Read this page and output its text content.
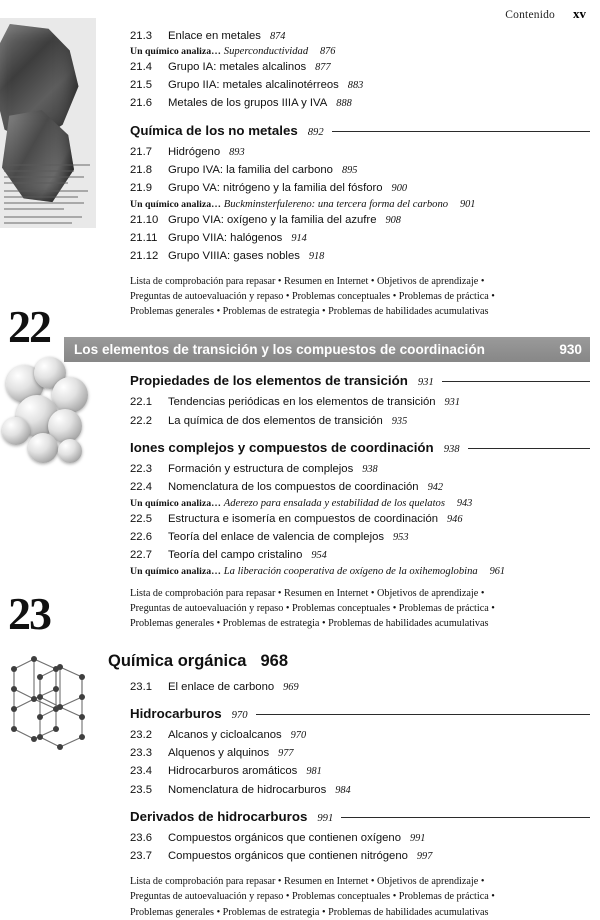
Contenido xv
22
23
21.3	Enlace en metales 874
Un químico analiza… Superconductividad 876
21.4	Grupo IA: metales alcalinos 877
21.5	Grupo IIA: metales alcalinotérreos 883
21.6	Metales de los grupos IIIA y IVA 888
Química de los no metales 892
21.7	Hidrógeno 893
21.8	Grupo IVA: la familia del carbono 895
21.9	Grupo VA: nitrógeno y la familia del fósforo 900
Un químico analiza… Buckminsterfulereno: una tercera forma del carbono 901
21.10 Grupo VIA: oxígeno y la familia del azufre 908
21.11 Grupo VIIA: halógenos 914
21.12 Grupo VIIIA: gases nobles 918
Lista de comprobación para repasar • Resumen en Internet • Objetivos de aprendizaje •
Preguntas de autoevaluación y repaso • Problemas conceptuales • Problemas de práctica •
Problemas generales • Problemas de estrategia • Problemas de habilidades acumulativas
Los elementos de transición y los compuestos de coordinación	930
Propiedades de los elementos de transición 931
22.1	Tendencias periódicas en los elementos de transición 931
22.2	La química de dos elementos de transición 935
Iones complejos y compuestos de coordinación 938
22.3	Formación y estructura de complejos 938
22.4	Nomenclatura de los compuestos de coordinación 942
Un químico analiza… Aderezo para ensalada y estabilidad de los quelatos 943
22.5	Estructura e isomería en compuestos de coordinación 946
22.6	Teoría del enlace de valencia de complejos 953
22.7	Teoría del campo cristalino 954
Un químico analiza… La liberación cooperativa de oxígeno de la oxihemoglobina 961
Lista de comprobación para repasar • Resumen en Internet • Objetivos de aprendizaje •
Preguntas de autoevaluación y repaso • Problemas conceptuales • Problemas de práctica •
Problemas generales • Problemas de estrategia • Problemas de habilidades acumulativas
Química orgánica 968
23.1	El enlace de carbono 969
Hidrocarburos 970
23.2	Alcanos y cicloalcanos 970
23.3	Alquenos y alquinos 977
23.4	Hidrocarburos aromáticos 981
23.5	Nomenclatura de hidrocarburos 984
Derivados de hidrocarburos 991
23.6	Compuestos orgánicos que contienen oxígeno 991
23.7	Compuestos orgánicos que contienen nitrógeno 997
Lista de comprobación para repasar • Resumen en Internet • Objetivos de aprendizaje •
Preguntas de autoevaluación y repaso • Problemas conceptuales • Problemas de práctica •
Problemas generales • Problemas de estrategia • Problemas de habilidades acumulativas
